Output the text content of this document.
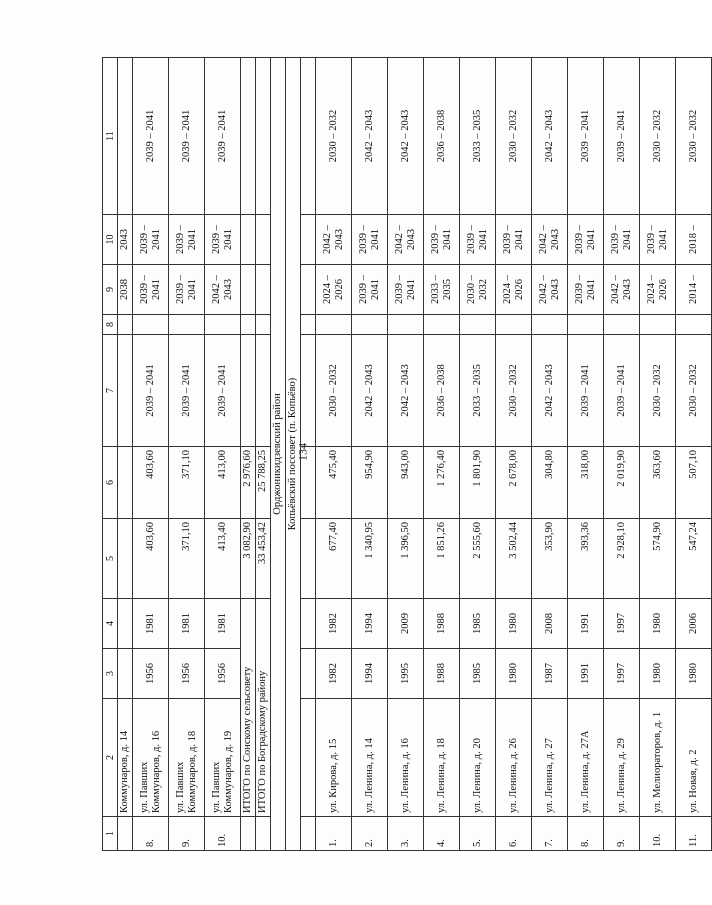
134
1	2	3	4	5	6	7	8	9	10	11
	Коммунаров, д. 14							2038	2043	
8.	ул. Павших Коммунаров, д. 16	1956	1981	403,60	403,60	2039 – 2041		2039 – 2041	2039 – 2041	2039 – 2041
9.	ул. Павших Коммунаров, д. 18	1956	1981	371,10	371,10	2039 – 2041		2039 – 2041	2039 – 2041	2039 – 2041
10.	ул. Павших Коммунаров, д. 19	1956	1981	413,40	413,00	2039 – 2041		2042 – 2043	2039 – 2041	2039 – 2041
	ИТОГО по Сонскому сельсовету			3 082,90	2 976,60					
	ИТОГО по Боградскому району			33 453,42	25 788,25					
Орджоникидзевский район										
Копьёвский поссовет (п. Копьёво)										

1.	ул. Кирова, д. 15	1982	1982	677,40	475,40	2030 – 2032		2024 – 2026	2042 – 2043	2030 – 2032
2.	ул. Ленина, д. 14	1994	1994	1 340,95	954,90	2042 – 2043		2039 – 2041	2039 – 2041	2042 – 2043
3.	ул. Ленина, д. 16	1995	2009	1 396,50	943,00	2042 – 2043		2039 – 2041	2042 – 2043	2042 – 2043
4.	ул. Ленина, д. 18	1988	1988	1 851,26	1 276,40	2036 – 2038		2033 – 2035	2039 – 2041	2036 – 2038
5.	ул. Ленина, д. 20	1985	1985	2 555,60	1 801,90	2033 – 2035		2030 – 2032	2039 – 2041	2033 – 2035
6.	ул. Ленина, д. 26	1980	1980	3 502,44	2 678,00	2030 – 2032		2024 – 2026	2039 – 2041	2030 – 2032
7.	ул. Ленина, д. 27	1987	2008	353,90	304,80	2042 – 2043		2042 – 2043	2042 – 2043	2042 – 2043
8.	ул. Ленина, д. 27А	1991	1991	393,36	318,00	2039 – 2041		2039 – 2041	2039 – 2041	2039 – 2041
9.	ул. Ленина, д. 29	1997	1997	2 928,10	2 019,90	2039 – 2041		2042 – 2043	2039 – 2041	2039 – 2041
10.	ул. Мелиораторов, д. 1	1980	1980	574,90	363,60	2030 – 2032		2024 – 2026	2039 – 2041	2030 – 2032
11.	ул. Новая, д. 2	1980	2006	547,24	507,10	2030 – 2032		2014 –	2018 –	2030 – 2032
